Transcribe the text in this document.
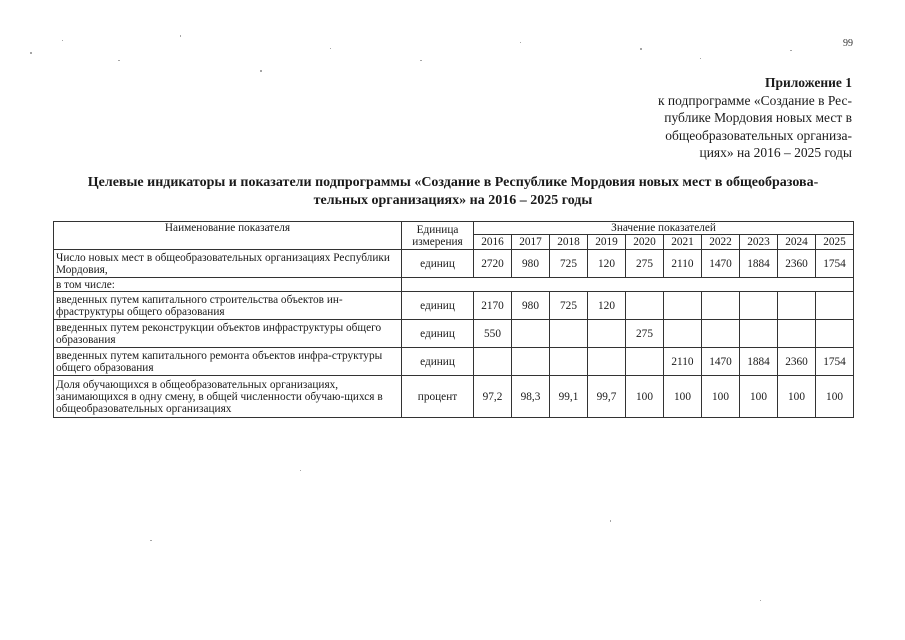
99
Приложение 1
к подпрограмме «Создание в Рес-
публике Мордовия новых мест в
общеобразовательных организа-
циях» на 2016 – 2025 годы
Целевые индикаторы и показатели подпрограммы «Создание в Республике Мордовия новых мест в общеобразова-
тельных организациях» на 2016 – 2025 годы
Наименование показателя	Единица измерения	Значение показателей									
		2016	2017	2018	2019	2020	2021	2022	2023	2024	2025
Число новых мест в общеобразовательных организациях Республики Мордовия,	единиц	2720	980	725	120	275	2110	1470	1884	2360	1754
в том числе:											
введенных путем капитального строительства объектов ин-фраструктуры общего образования	единиц	2170	980	725	120						
введенных путем реконструкции объектов инфраструктуры общего образования	единиц	550				275					
введенных путем капитального ремонта объектов инфра-структуры общего образования	единиц						2110	1470	1884	2360	1754
Доля обучающихся в общеобразовательных организациях, занимающихся в одну смену, в общей численности обучаю-щихся в общеобразовательных организациях	процент	97,2	98,3	99,1	99,7	100	100	100	100	100	100
